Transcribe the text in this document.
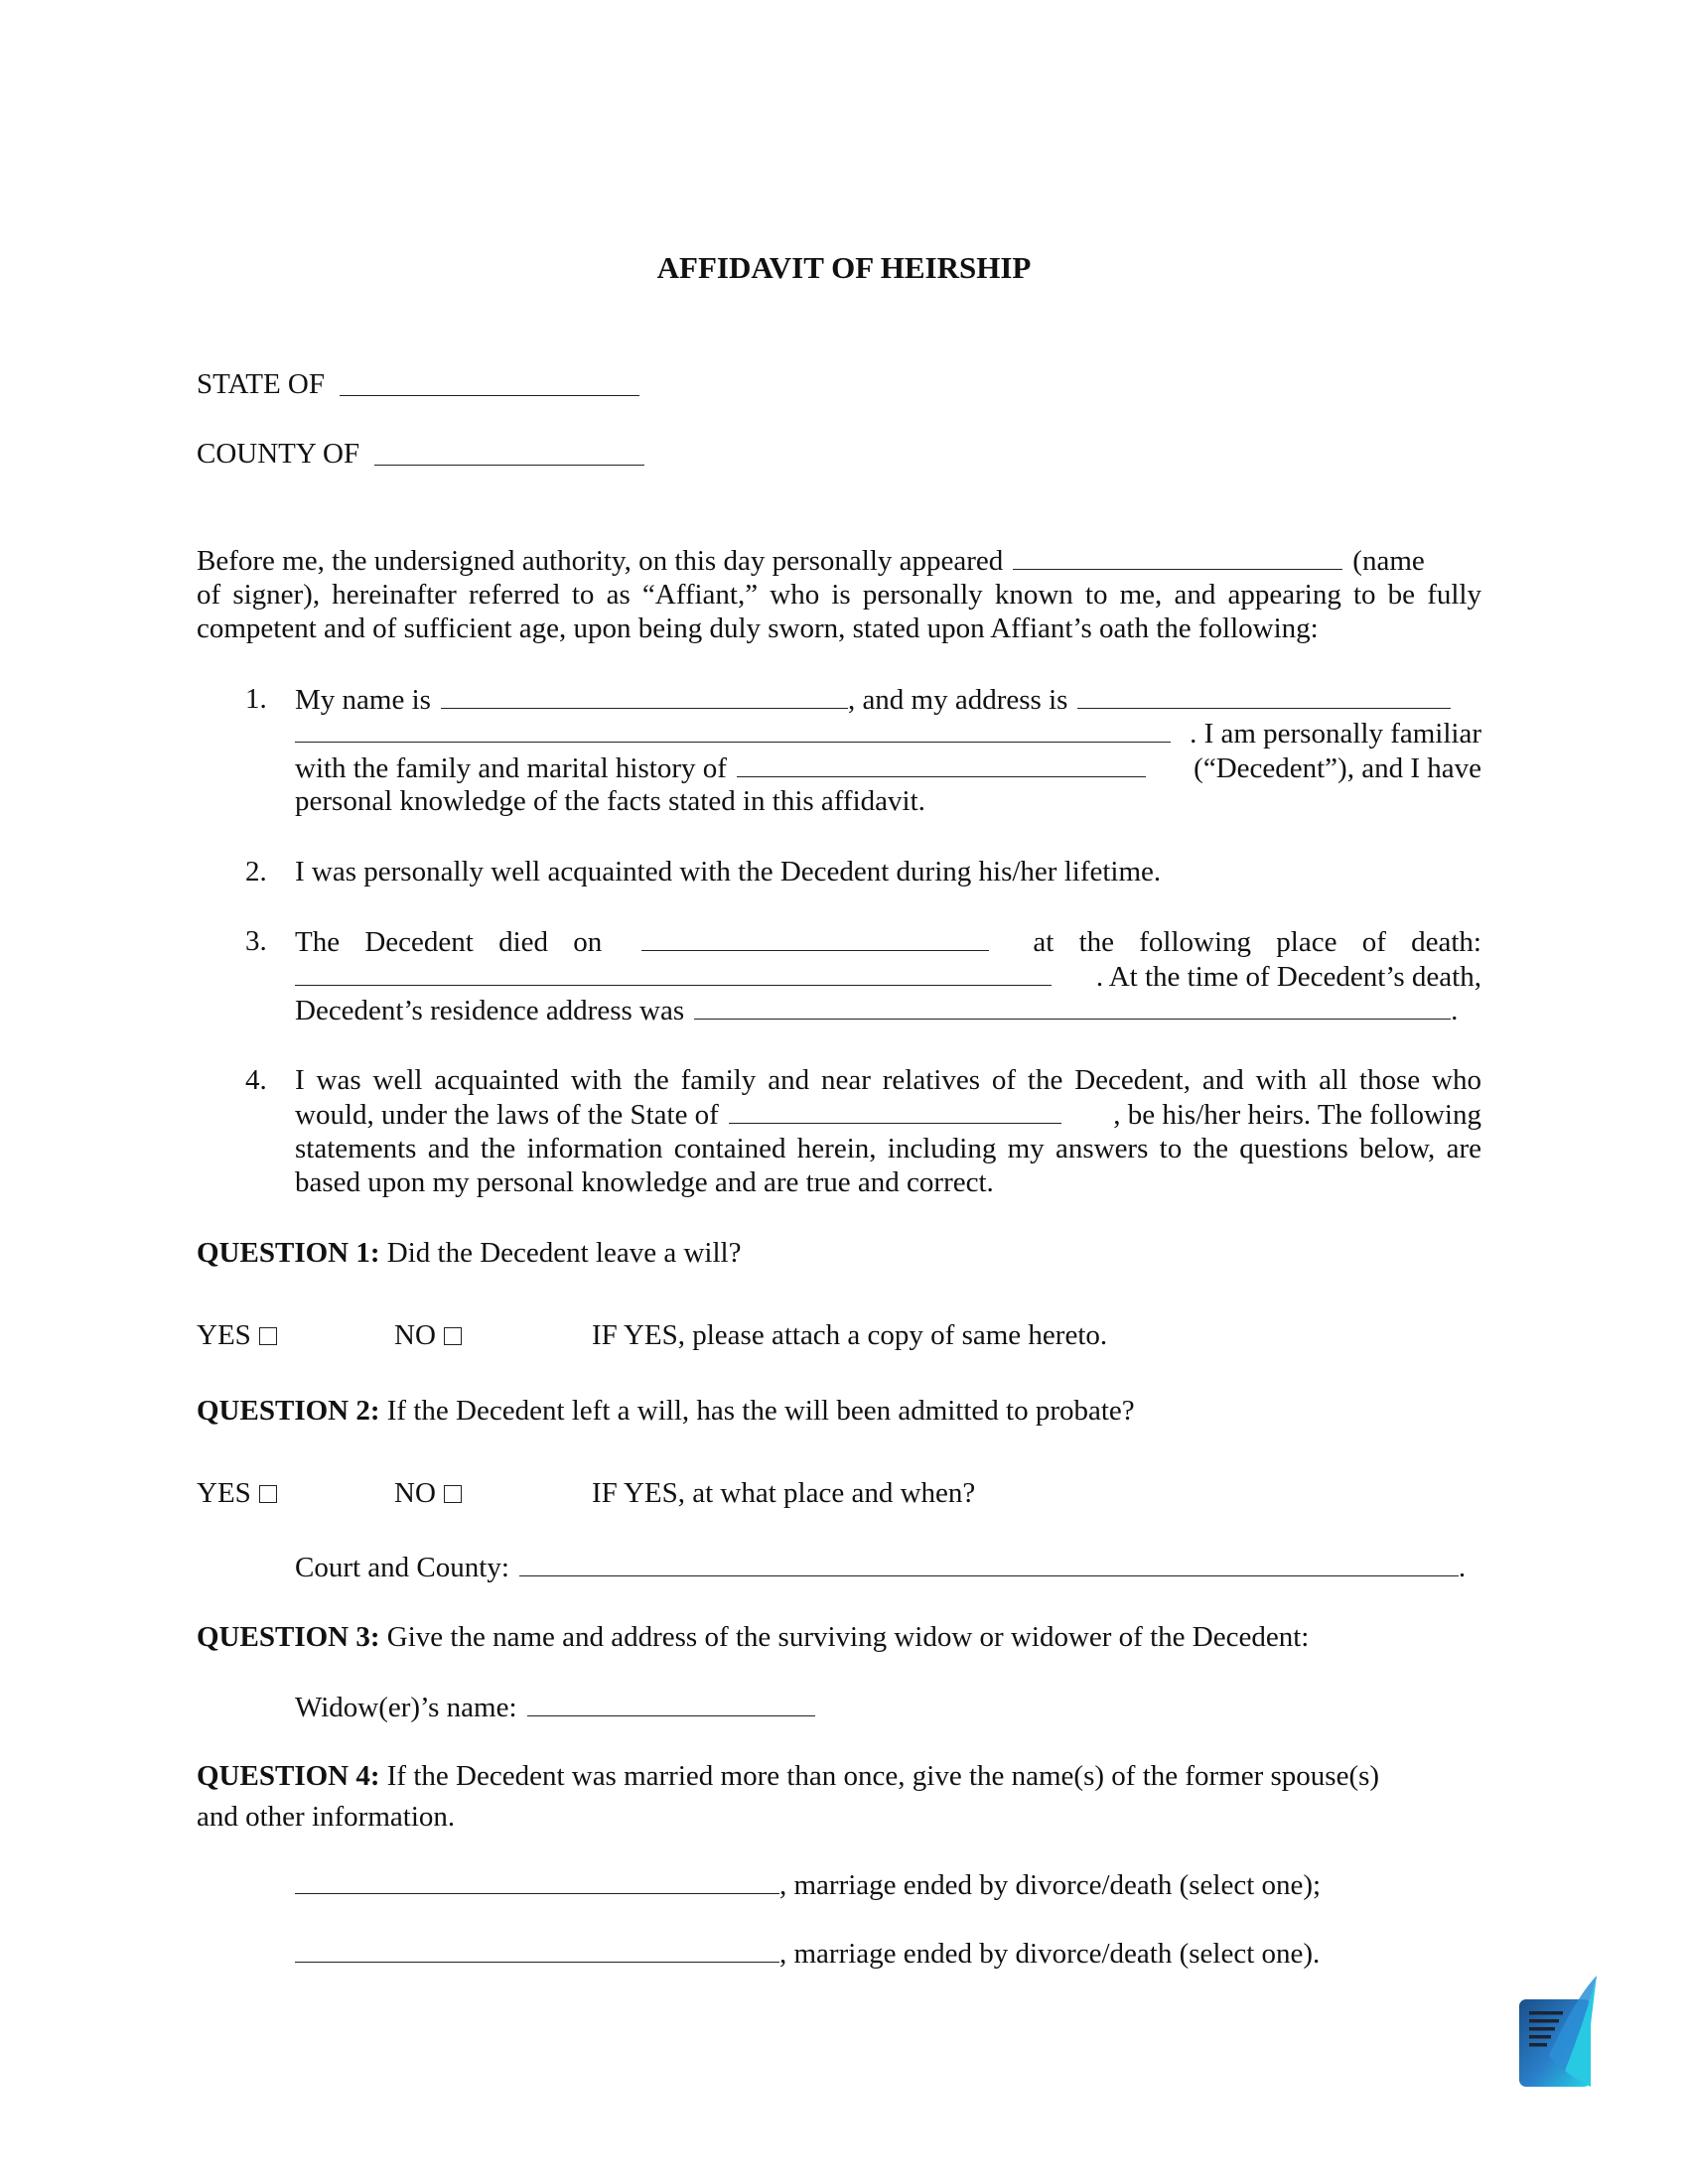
AFFIDAVIT OF HEIRSHIP
STATE OF
COUNTY OF
Before me, the undersigned authority, on this day personally appeared	(name
of signer), hereinafter referred to as “Affiant,” who is personally known to me, and appearing to be fully
competent and of sufficient age, upon being duly sworn, stated upon Affiant’s oath the following:
1. My name is	, and my address is
. I am personally familiar
with the family and marital history of	(“Decedent”), and I have
personal knowledge of the facts stated in this affidavit.
2. I was personally well acquainted with the Decedent during his/her lifetime.
3. The Decedent died on	at the following place of death:
. At the time of Decedent’s death,
Decedent’s residence address was	.
4. I was well acquainted with the family and near relatives of the Decedent, and with all those who
would, under the laws of the State of	, be his/her heirs. The following
statements and the information contained herein, including my answers to the questions below, are
based upon my personal knowledge and are true and correct.
QUESTION 1: Did the Decedent leave a will?
YES	NO	IF YES, please attach a copy of same hereto.
QUESTION 2: If the Decedent left a will, has the will been admitted to probate?
YES	NO	IF YES, at what place and when?
Court and County:	.
QUESTION 3: Give the name and address of the surviving widow or widower of the Decedent:
Widow(er)’s name:
QUESTION 4: If the Decedent was married more than once, give the name(s) of the former spouse(s)
and other information.
, marriage ended by divorce/death (select one);
, marriage ended by divorce/death (select one).
